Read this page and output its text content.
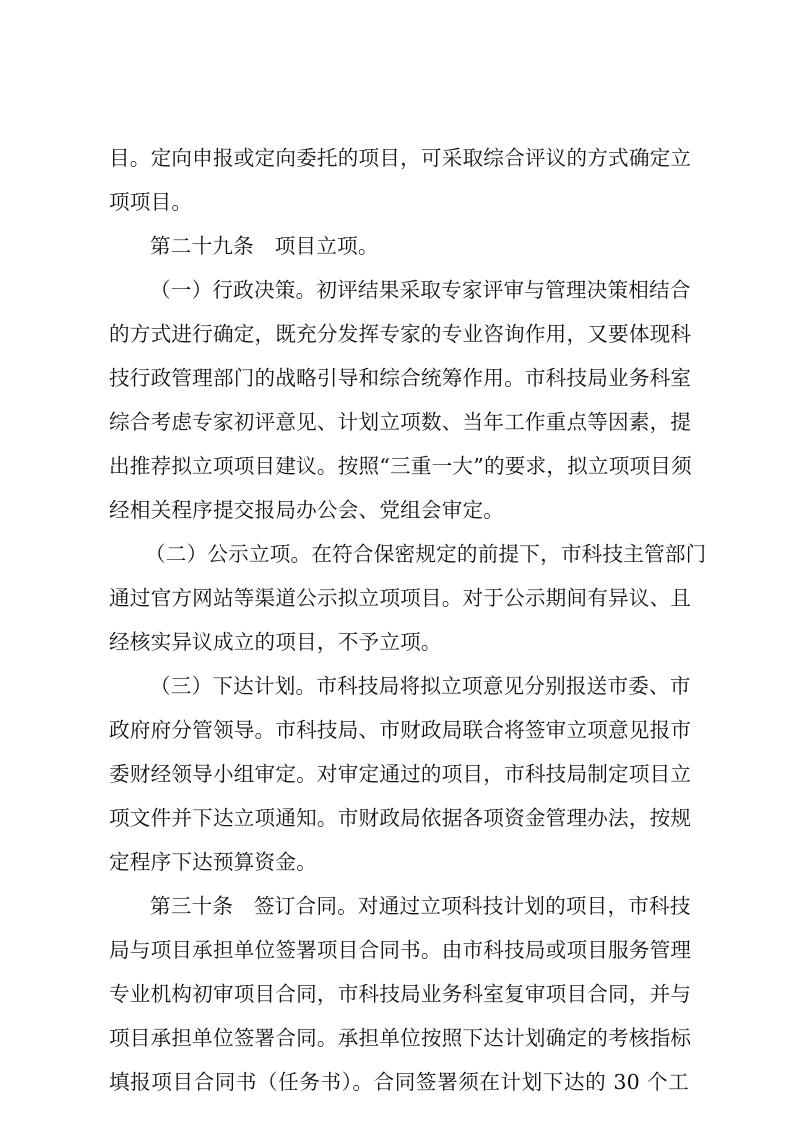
目。定向申报或定向委托的项目，可采取综合评议的方式确定立
项项目。
第二十九条　项目立项。
（一）行政决策。初评结果采取专家评审与管理决策相结合
的方式进行确定，既充分发挥专家的专业咨询作用，又要体现科
技行政管理部门的战略引导和综合统筹作用。市科技局业务科室
综合考虑专家初评意见、计划立项数、当年工作重点等因素，提
出推荐拟立项项目建议。按照“三重一大”的要求，拟立项项目须
经相关程序提交报局办公会、党组会审定。
（二）公示立项。在符合保密规定的前提下，市科技主管部门
通过官方网站等渠道公示拟立项项目。对于公示期间有异议、且
经核实异议成立的项目，不予立项。
（三）下达计划。市科技局将拟立项意见分别报送市委、市
政府府分管领导。市科技局、市财政局联合将签审立项意见报市
委财经领导小组审定。对审定通过的项目，市科技局制定项目立
项文件并下达立项通知。市财政局依据各项资金管理办法，按规
定程序下达预算资金。
第三十条　签订合同。对通过立项科技计划的项目，市科技
局与项目承担单位签署项目合同书。由市科技局或项目服务管理
专业机构初审项目合同，市科技局业务科室复审项目合同，并与
项目承担单位签署合同。承担单位按照下达计划确定的考核指标
填报项目合同书（任务书）。合同签署须在计划下达的 30 个工
